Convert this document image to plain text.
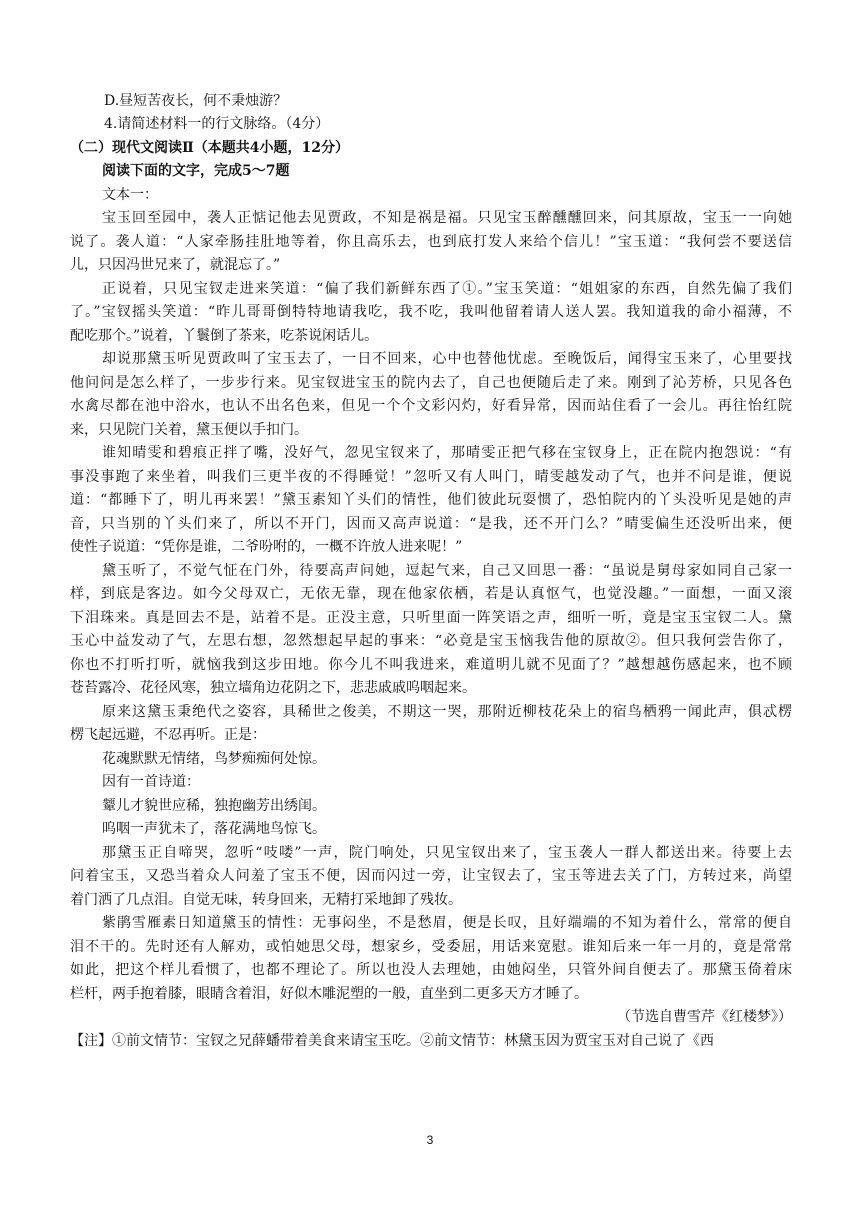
D.昼短苦夜长，何不秉烛游？
4.请简述材料一的行文脉络。（4分）
（二）现代文阅读Ⅱ（本题共4小题，12分）
阅读下面的文字，完成5～7题
文本一：
宝玉回至园中，袭人正惦记他去见贾政，不知是祸是福。只见宝玉醉醺醺回来，问其原故，宝玉一一向她
说了。袭人道：“人家牵肠挂肚地等着，你且高乐去，也到底打发人来给个信儿！”宝玉道：“我何尝不要送信
儿，只因冯世兄来了，就混忘了。”
正说着，只见宝钗走进来笑道：“偏了我们新鲜东西了①。”宝玉笑道：“姐姐家的东西，自然先偏了我们
了。”宝钗摇头笑道：“昨儿哥哥倒特特地请我吃，我不吃，我叫他留着请人送人罢。我知道我的命小福薄，不
配吃那个。”说着，丫鬟倒了茶来，吃茶说闲话儿。
却说那黛玉听见贾政叫了宝玉去了，一日不回来，心中也替他忧虑。至晚饭后，闻得宝玉来了，心里要找
他问问是怎么样了，一步步行来。见宝钗进宝玉的院内去了，自己也便随后走了来。刚到了沁芳桥，只见各色
水禽尽都在池中浴水，也认不出名色来，但见一个个文彩闪灼，好看异常，因而站住看了一会儿。再往怡红院
来，只见院门关着，黛玉便以手扣门。
谁知晴雯和碧痕正拌了嘴，没好气，忽见宝钗来了，那晴雯正把气移在宝钗身上，正在院内抱怨说：“有
事没事跑了来坐着，叫我们三更半夜的不得睡觉！”忽听又有人叫门，晴雯越发动了气，也并不问是谁，便说
道：“都睡下了，明儿再来罢！”黛玉素知丫头们的情性，他们彼此玩耍惯了，恐怕院内的丫头没听见是她的声
音，只当别的丫头们来了，所以不开门，因而又高声说道：“是我，还不开门么？”晴雯偏生还没听出来，便
使性子说道：“凭你是谁，二爷吩咐的，一概不许放人进来呢！”
黛玉听了，不觉气怔在门外，待要高声问她，逗起气来，自己又回思一番：“虽说是舅母家如同自己家一
样，到底是客边。如今父母双亡，无依无靠，现在他家依栖，若是认真怄气，也觉没趣。”一面想，一面又滚
下泪珠来。真是回去不是，站着不是。正没主意，只听里面一阵笑语之声，细听一听，竟是宝玉宝钗二人。黛
玉心中益发动了气，左思右想，忽然想起早起的事来：“必竟是宝玉恼我告他的原故②。但只我何尝告你了，
你也不打听打听，就恼我到这步田地。你今儿不叫我进来，难道明儿就不见面了？”越想越伤感起来，也不顾
苍苔露冷、花径风寒，独立墙角边花阴之下，悲悲戚戚呜咽起来。
原来这黛玉秉绝代之姿容，具稀世之俊美，不期这一哭，那附近柳枝花朵上的宿鸟栖鸦一闻此声，俱忒楞
楞飞起远避，不忍再听。正是：
花魂默默无情绪，鸟梦痴痴何处惊。
因有一首诗道：
颦儿才貌世应稀，独抱幽芳出绣闺。
呜咽一声犹未了，落花满地鸟惊飞。
那黛玉正自啼哭，忽听“吱喽”一声，院门响处，只见宝钗出来了，宝玉袭人一群人都送出来。待要上去
问着宝玉，又恐当着众人问羞了宝玉不便，因而闪过一旁，让宝钗去了，宝玉等进去关了门，方转过来，尚望
着门洒了几点泪。自觉无味，转身回来，无精打采地卸了残妆。
紫鹃雪雁素日知道黛玉的情性：无事闷坐，不是愁眉，便是长叹，且好端端的不知为着什么，常常的便自
泪不干的。先时还有人解劝，或怕她思父母，想家乡，受委屈，用话来宽慰。谁知后来一年一月的，竟是常常
如此，把这个样儿看惯了，也都不理论了。所以也没人去理她，由她闷坐，只管外间自便去了。那黛玉倚着床
栏杆，两手抱着膝，眼睛含着泪，好似木雕泥塑的一般，直坐到二更多天方才睡了。
（节选自曹雪芹《红楼梦》）
【注】①前文情节：宝钗之兄薛蟠带着美食来请宝玉吃。②前文情节：林黛玉因为贾宝玉对自己说了《西
3
